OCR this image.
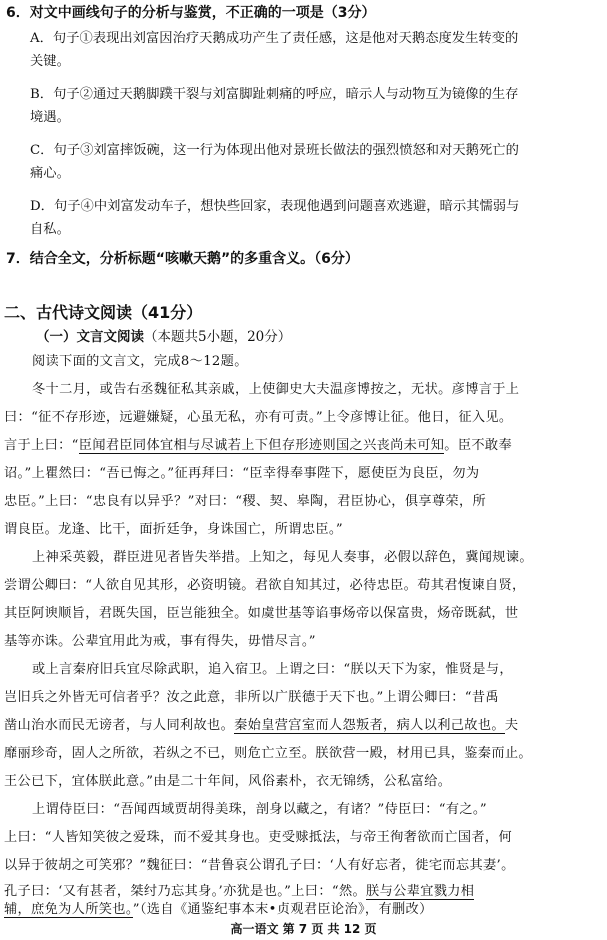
6．对文中画线句子的分析与鉴赏，不正确的一项是（3分）
A．句子①表现出刘富因治疗天鹅成功产生了责任感，这是他对天鹅态度发生转变的
关键。
B．句子②通过天鹅脚蹼干裂与刘富脚趾刺痛的呼应，暗示人与动物互为镜像的生存
境遇。
C．句子③刘富摔饭碗，这一行为体现出他对景班长做法的强烈愤怒和对天鹅死亡的
痛心。
D．句子④中刘富发动车子，想快些回家，表现他遇到问题喜欢逃避，暗示其懦弱与
自私。
7．结合全文，分析标题“咳嗽天鹅”的多重含义。（6分）
二、古代诗文阅读（41分）
（一）文言文阅读（本题共5小题，20分）
阅读下面的文言文，完成8～12题。
冬十二月，或告右丞魏征私其亲戚，上使御史大夫温彦博按之，无状。彦博言于上
曰：“征不存形迹，远避嫌疑，心虽无私，亦有可责。”上令彦博让征。他日，征入见。
言于上曰：“臣闻君臣同体宜相与尽诚若上下但存形迹则国之兴丧尚未可知。臣不敢奉
诏。”上瞿然曰：“吾已悔之。”征再拜曰：“臣幸得奉事陛下，愿使臣为良臣，勿为
忠臣。”上曰：“忠良有以异乎？”对曰：“稷、契、皋陶，君臣协心，俱享尊荣，所
谓良臣。龙逢、比干，面折廷争，身诛国亡，所谓忠臣。”
上神采英毅，群臣进见者皆失举措。上知之，每见人奏事，必假以辞色，冀闻规谏。
尝谓公卿曰：“人欲自见其形，必资明镜。君欲自知其过，必待忠臣。苟其君愎谏自贤，
其臣阿谀顺旨，君既失国，臣岂能独全。如虞世基等谄事炀帝以保富贵，炀帝既弑，世
基等亦诛。公辈宜用此为戒，事有得失，毋惜尽言。”
或上言秦府旧兵宜尽除武职，追入宿卫。上谓之曰：“朕以天下为家，惟贤是与，
岂旧兵之外皆无可信者乎？汝之此意，非所以广朕德于天下也。”上谓公卿曰：“昔禹
凿山治水而民无谤者，与人同利故也。秦始皇营宫室而人怨叛者，病人以利己故也。夫
靡丽珍奇，固人之所欲，若纵之不已，则危亡立至。朕欲营一殿，材用已具，鉴秦而止。
王公已下，宜体朕此意。”由是二十年间，风俗素朴，衣无锦绣，公私富给。
上谓侍臣曰：“吾闻西域贾胡得美珠，剖身以藏之，有诸？”侍臣曰：“有之。”
上曰：“人皆知笑彼之爱珠，而不爱其身也。吏受赇抵法，与帝王徇奢欲而亡国者，何
以异于彼胡之可笑邪？”魏征曰：“昔鲁哀公谓孔子曰：‘人有好忘者，徙宅而忘其妻’。
孔子曰：‘又有甚者，桀纣乃忘其身。’亦犹是也。”上曰：“然。朕与公辈宜戮力相
辅，庶免为人所笑也。”（选自《通鉴纪事本末•贞观君臣论治》，有删改）
高一语文 第 7 页 共 12 页
